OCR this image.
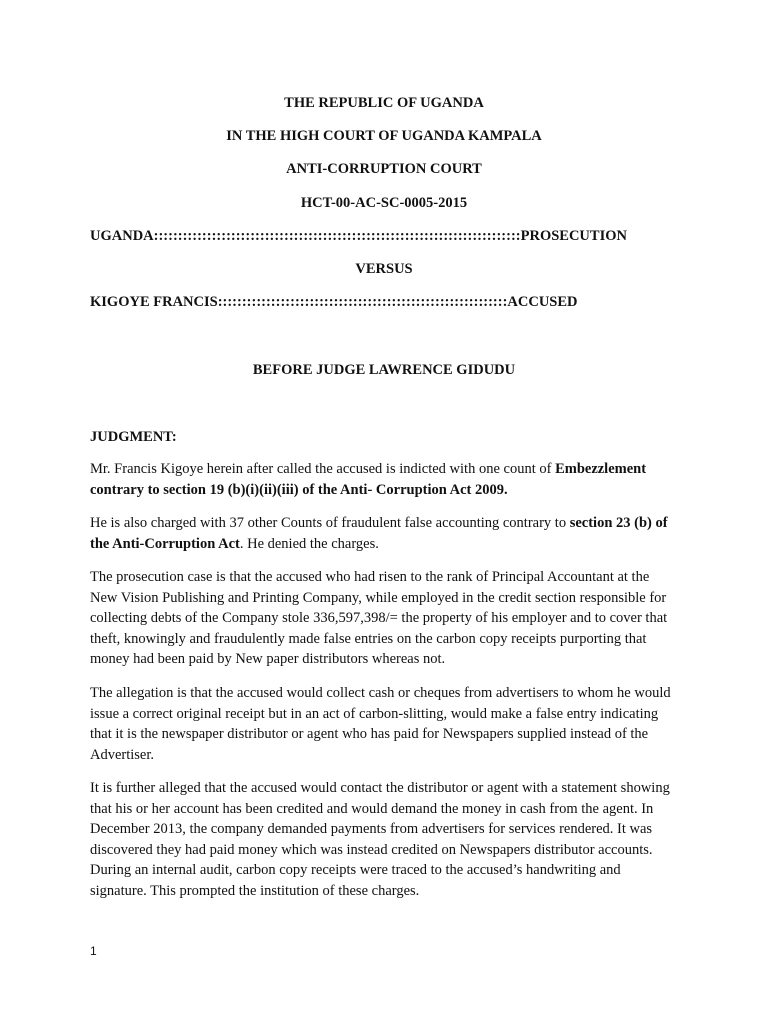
THE REPUBLIC OF UGANDA

IN THE HIGH COURT OF UGANDA KAMPALA

ANTI-CORRUPTION COURT

HCT-00-AC-SC-0005-2015

UGANDA::::::::::::::::::::::::::::::::::::::::::::::::::::::::::::::::::::::::::::PROSECUTION

VERSUS

KIGOYE FRANCIS::::::::::::::::::::::::::::::::::::::::::::::::::::::::::::ACCUSED

BEFORE JUDGE LAWRENCE GIDUDU

JUDGMENT:

Mr. Francis Kigoye herein after called the accused is indicted with one count of Embezzlement contrary to section 19 (b)(i)(ii)(iii) of the Anti- Corruption Act 2009.

He is also charged with 37 other Counts of fraudulent false accounting contrary to section 23 (b) of the Anti-Corruption Act. He denied the charges.

The prosecution case is that the accused who had risen to the rank of Principal Accountant at the New Vision Publishing and Printing Company, while employed in the credit section responsible for collecting debts of the Company stole 336,597,398/= the property of his employer and to cover that theft, knowingly and fraudulently made false entries on the carbon copy receipts purporting that money had been paid by New paper distributors whereas not.

The allegation is that the accused would collect cash or cheques from advertisers to whom he would issue a correct original receipt but in an act of carbon-slitting, would make a false entry indicating that it is the newspaper distributor or agent who has paid for Newspapers supplied instead of the Advertiser.

It is further alleged that the accused would contact the distributor or agent with a statement showing that his or her account has been credited and would demand the money in cash from the agent. In December 2013, the company demanded payments from advertisers for services rendered. It was discovered they had paid money which was instead credited on Newspapers distributor accounts. During an internal audit, carbon copy receipts were traced to the accused’s handwriting and signature. This prompted the institution of these charges.

1
